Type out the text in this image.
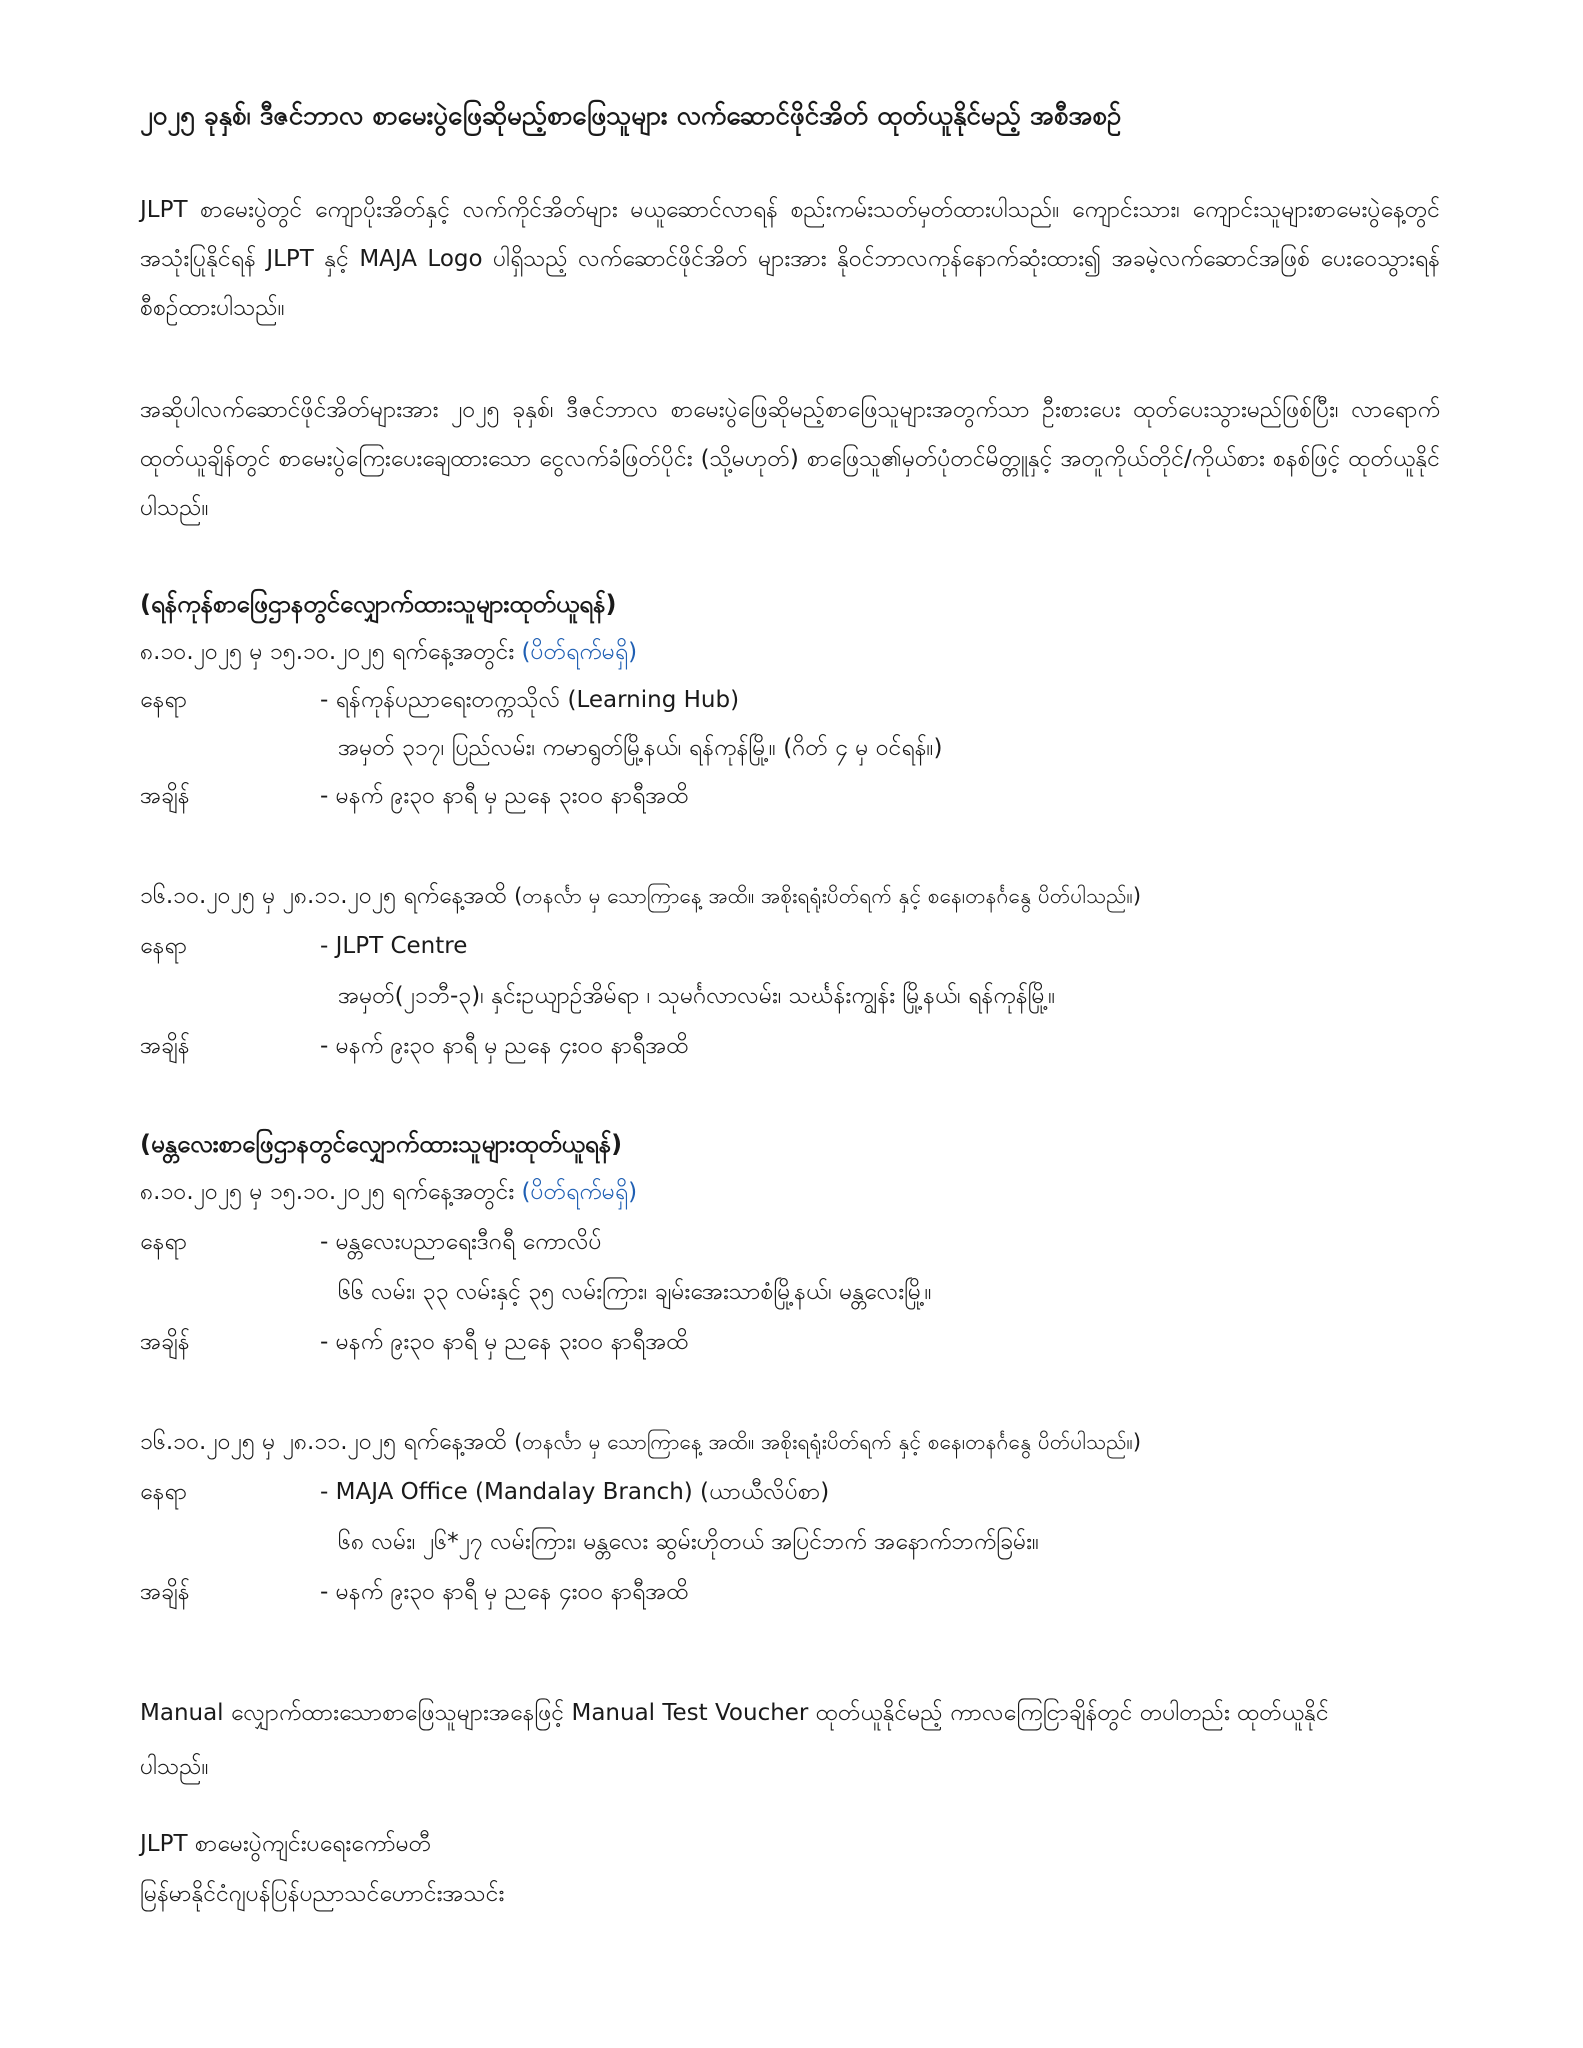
၂၀၂၅ ခုနှစ်၊ ဒီဇင်ဘာလ စာမေးပွဲဖြေဆိုမည့်စာဖြေသူများ လက်ဆောင်ဖိုင်အိတ် ထုတ်ယူနိုင်မည့် အစီအစဉ်
JLPT စာမေးပွဲတွင် ကျောပိုးအိတ်နှင့် လက်ကိုင်အိတ်များ မယူဆောင်လာရန် စည်းကမ်းသတ်မှတ်ထားပါသည်။ ကျောင်းသား၊ ကျောင်းသူများစာမေးပွဲနေ့တွင် အသုံးပြုနိုင်ရန် JLPT နှင့် MAJA Logo ပါရှိသည့် လက်ဆောင်ဖိုင်အိတ် များအား နိုဝင်ဘာလကုန်နောက်ဆုံးထား၍ အခမဲ့လက်ဆောင်အဖြစ် ပေးဝေသွားရန် စီစဉ်ထားပါသည်။
အဆိုပါလက်ဆောင်ဖိုင်အိတ်များအား ၂၀၂၅ ခုနှစ်၊ ဒီဇင်ဘာလ စာမေးပွဲဖြေဆိုမည့်စာဖြေသူများအတွက်သာ ဦးစားပေး ထုတ်ပေးသွားမည်ဖြစ်ပြီး၊ လာရောက်ထုတ်ယူချိန်တွင် စာမေးပွဲကြေးပေးချေထားသော ငွေလက်ခံဖြတ်ပိုင်း (သို့မဟုတ်) စာဖြေသူ၏မှတ်ပုံတင်မိတ္တူနှင့် အတူကိုယ်တိုင်/ကိုယ်စား စနစ်ဖြင့် ထုတ်ယူနိုင်ပါသည်။
(ရန်ကုန်စာဖြေဌာနတွင်လျှောက်ထားသူများထုတ်ယူရန်)
၈.၁၀.၂၀၂၅ မှ ၁၅.၁၀.၂၀၂၅ ရက်နေ့အတွင်း (ပိတ်ရက်မရှိ)
နေရာ	- ရန်ကုန်ပညာရေးတက္ကသိုလ် (Learning Hub)
အမှတ် ၃၁၇၊ ပြည်လမ်း၊ ကမာရွတ်မြို့နယ်၊ ရန်ကုန်မြို့။ (ဂိတ် ၄ မှ ဝင်ရန်။)
အချိန်	- မနက် ၉း၃၀ နာရီ မှ ညနေ ၃း၀၀ နာရီအထိ
၁၆.၁၀.၂၀၂၅ မှ ၂၈.၁၁.၂၀၂၅ ရက်နေ့အထိ (တနင်္လာ မှ သောကြာနေ့ အထိ။ အစိုးရရုံးပိတ်ရက် နှင့် စနေ၊တနင်္ဂနွေ ပိတ်ပါသည်။)
နေရာ	- JLPT Centre
အမှတ်(၂၁ဘီ-၃)၊ နှင်းဥယျာဉ်အိမ်ရာ ၊ သုမင်္ဂလာလမ်း၊ သင်္ဃန်းကျွန်း မြို့နယ်၊ ရန်ကုန်မြို့။
အချိန်	- မနက် ၉း၃၀ နာရီ မှ ညနေ ၄း၀၀ နာရီအထိ
(မန္တလေးစာဖြေဌာနတွင်လျှောက်ထားသူများထုတ်ယူရန်)
၈.၁၀.၂၀၂၅ မှ ၁၅.၁၀.၂၀၂၅ ရက်နေ့အတွင်း (ပိတ်ရက်မရှိ)
နေရာ	- မန္တလေးပညာရေးဒီဂရီ ကောလိပ်
၆၆ လမ်း၊ ၃၃ လမ်းနှင့် ၃၅ လမ်းကြား၊ ချမ်းအေးသာစံမြို့နယ်၊ မန္တလေးမြို့။
အချိန်	- မနက် ၉း၃၀ နာရီ မှ ညနေ ၃း၀၀ နာရီအထိ
၁၆.၁၀.၂၀၂၅ မှ ၂၈.၁၁.၂၀၂၅ ရက်နေ့အထိ (တနင်္လာ မှ သောကြာနေ့ အထိ။ အစိုးရရုံးပိတ်ရက် နှင့် စနေ၊တနင်္ဂနွေ ပိတ်ပါသည်။)
နေရာ	- MAJA Office (Mandalay Branch) (ယာယီလိပ်စာ)
၆၈ လမ်း၊ ၂၆*၂၇ လမ်းကြား၊ မန္တလေး ဆွမ်းဟိုတယ် အပြင်ဘက် အနောက်ဘက်ခြမ်း။
အချိန်	- မနက် ၉း၃၀ နာရီ မှ ညနေ ၄း၀၀ နာရီအထိ
Manual လျှောက်ထားသောစာဖြေသူများအနေဖြင့် Manual Test Voucher ထုတ်ယူနိုင်မည့် ကာလကြေငြာချိန်တွင် တပါတည်း ထုတ်ယူနိုင်ပါသည်။
JLPT စာမေးပွဲကျင်းပရေးကော်မတီ
မြန်မာနိုင်ငံဂျပန်ပြန်ပညာသင်ဟောင်းအသင်း
